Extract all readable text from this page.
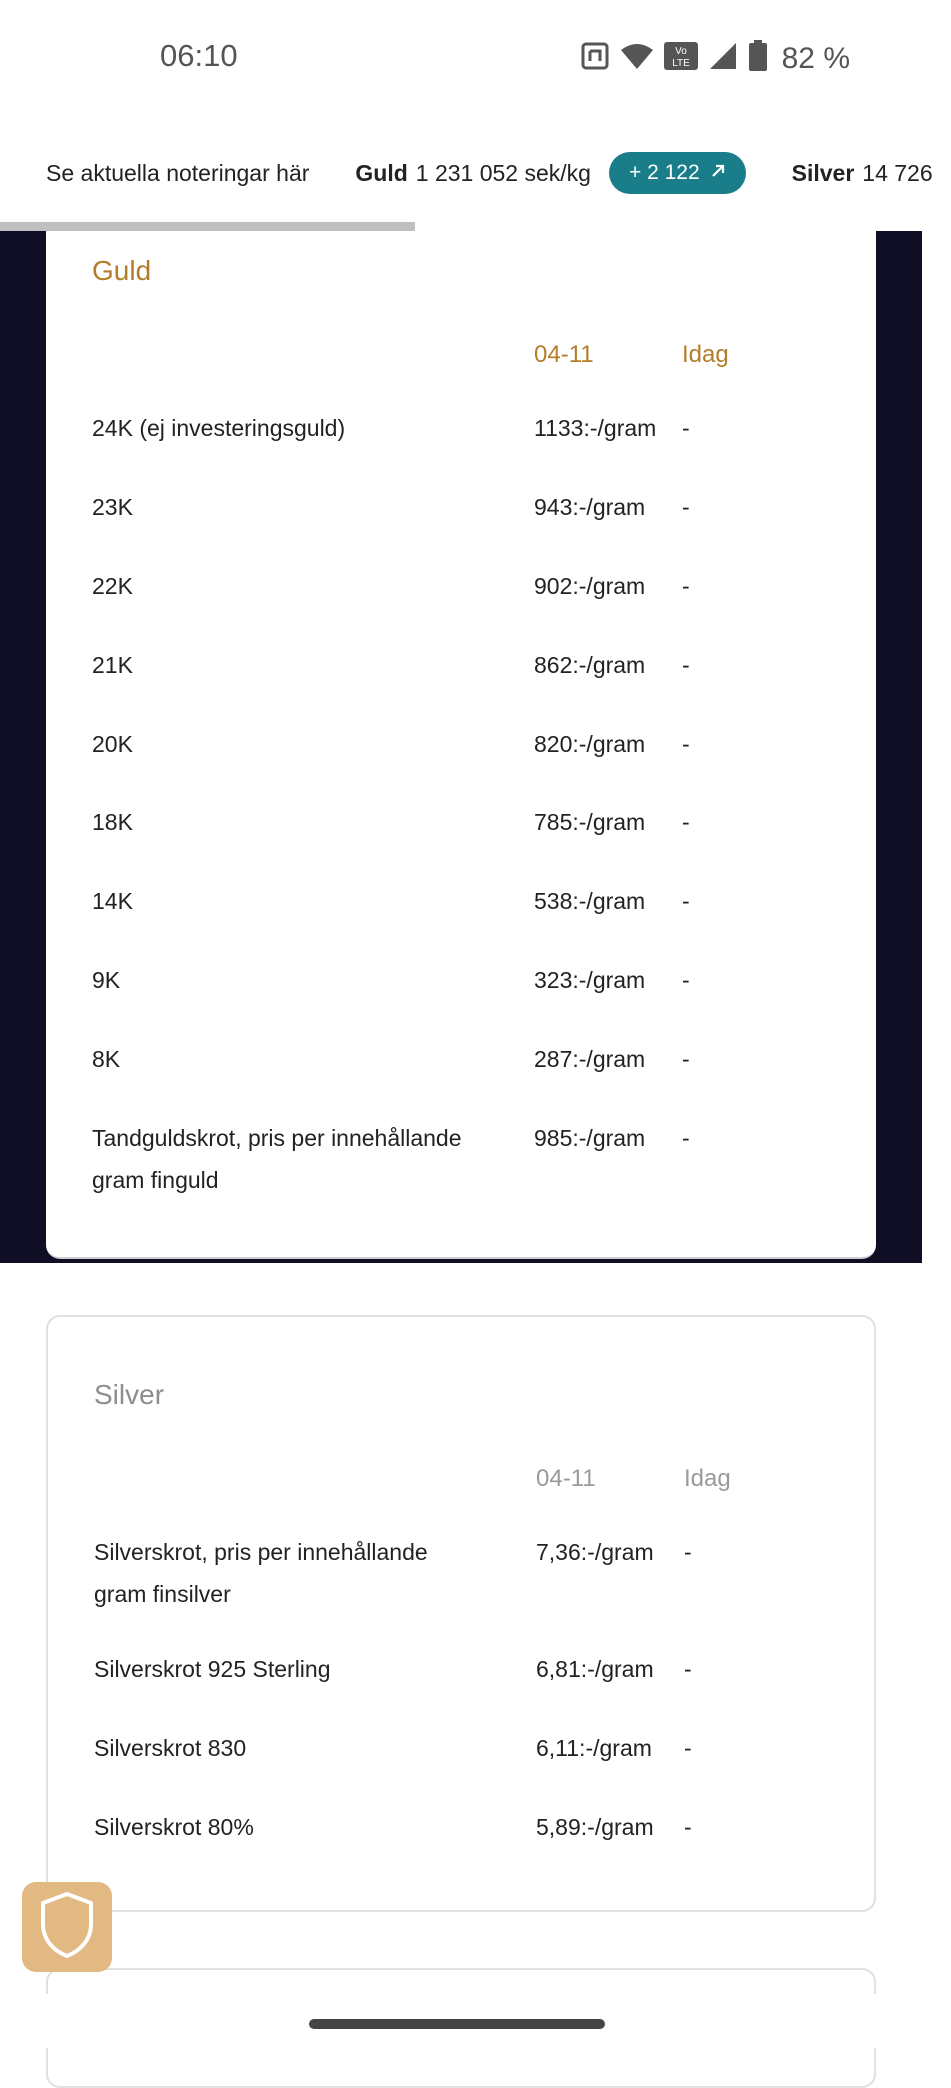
06:10	Vo
LTE	82 %
Se aktuella noteringar här Guld 1 231 052 sek/kg + 2 122	Silver 14 726
Guld
04-11	Idag
24K (ej investeringsguld)	1133:-/gram -
23K	943:-/gram -
22K	902:-/gram -
21K	862:-/gram -
20K	820:-/gram -
18K	785:-/gram -
14K	538:-/gram -
9K	323:-/gram -
8K	287:-/gram -
Tandguldskrot, pris per innehållande gram finguld
985:-/gram -
Silver
04-11	Idag
Silverskrot, pris per innehållande gram finsilver
7,36:-/gram -
Silverskrot 925 Sterling	6,81:-/gram -
Silverskrot 830	6,11:-/gram -
Silverskrot 80%	5,89:-/gram -
